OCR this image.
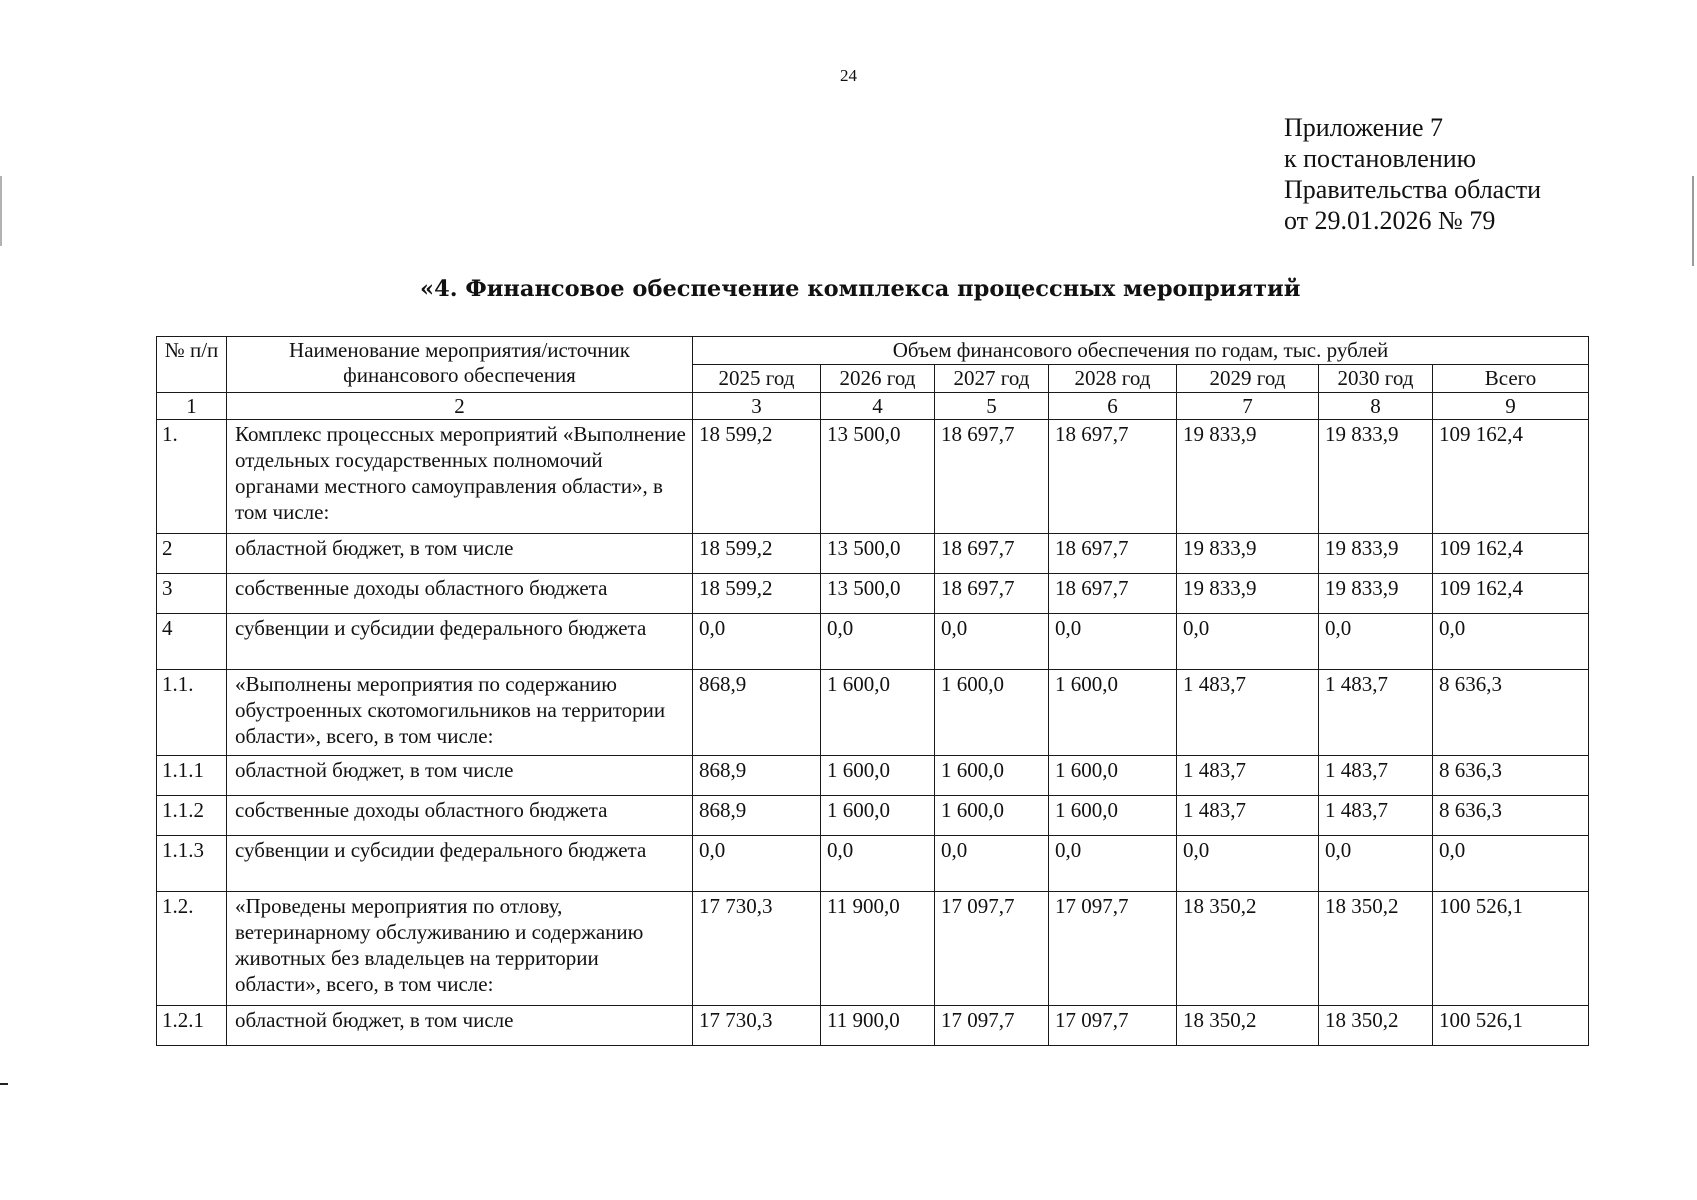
24
Приложение 7
к постановлению
Правительства области
от 29.01.2026 № 79
«4. Финансовое обеспечение комплекса процессных мероприятий
№ п/п	Наименование мероприятия/источник финансового обеспечения	Объем финансового обеспечения по годам, тыс. рублей						
		2025 год	2026 год	2027 год	2028 год	2029 год	2030 год	Всего
1	2	3	4	5	6	7	8	9
1.	Комплекс процессных мероприятий «Выполнение отдельных государственных полномочий органами местного самоуправления области», в том числе:	18 599,2	13 500,0	18 697,7	18 697,7	19 833,9	19 833,9	109 162,4
2	областной бюджет, в том числе	18 599,2	13 500,0	18 697,7	18 697,7	19 833,9	19 833,9	109 162,4
3	собственные доходы областного бюджета	18 599,2	13 500,0	18 697,7	18 697,7	19 833,9	19 833,9	109 162,4
4	субвенции и субсидии федерального бюджета	0,0	0,0	0,0	0,0	0,0	0,0	0,0
1.1.	«Выполнены мероприятия по содержанию обустроенных скотомогильников на территории области», всего, в том числе:	868,9	1 600,0	1 600,0	1 600,0	1 483,7	1 483,7	8 636,3
1.1.1	областной бюджет, в том числе	868,9	1 600,0	1 600,0	1 600,0	1 483,7	1 483,7	8 636,3
1.1.2	собственные доходы областного бюджета	868,9	1 600,0	1 600,0	1 600,0	1 483,7	1 483,7	8 636,3
1.1.3	субвенции и субсидии федерального бюджета	0,0	0,0	0,0	0,0	0,0	0,0	0,0
1.2.	«Проведены мероприятия по отлову, ветеринарному обслуживанию и содержанию животных без владельцев на территории области», всего, в том числе:	17 730,3	11 900,0	17 097,7	17 097,7	18 350,2	18 350,2	100 526,1
1.2.1	областной бюджет, в том числе	17 730,3	11 900,0	17 097,7	17 097,7	18 350,2	18 350,2	100 526,1
